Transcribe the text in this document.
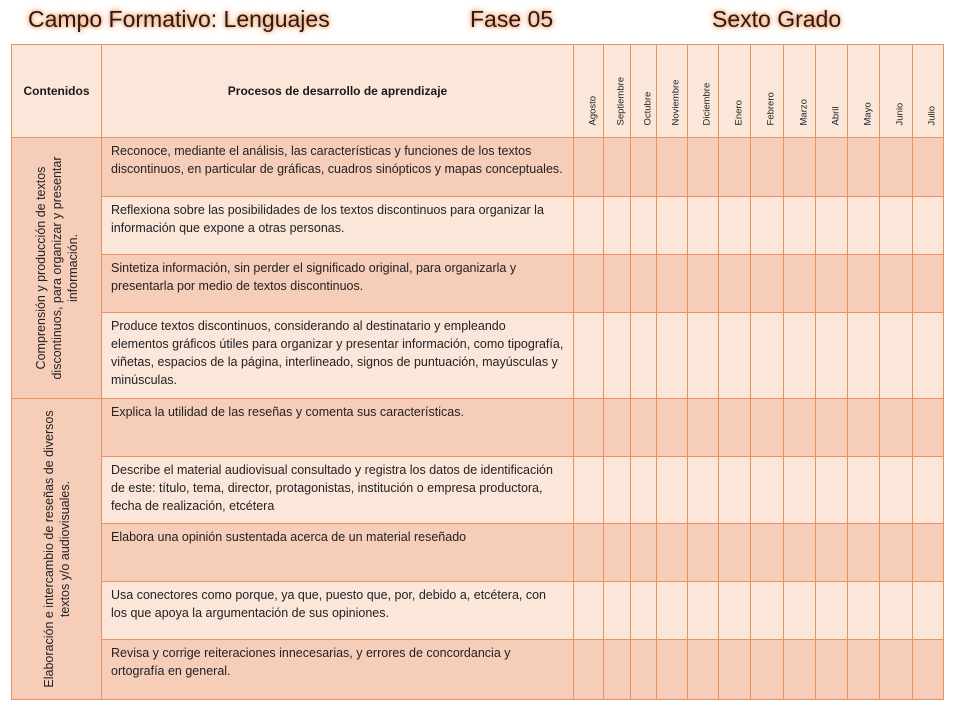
Campo Formativo: Lenguajes	Fase 05	Sexto Grado
Contenidos	Procesos de desarrollo de aprendizaje	Agosto	Septiembre	Octubre	Noviembre	Diciembre	Enero	Febrero	Marzo	Abril	Mayo	Junio	Julio

Comprensión y producción de textos discontinuos, para organizar y presentar información.	Reconoce, mediante el análisis, las características y funciones de los textos discontinuos, en particular de gráficas, cuadros sinópticos y mapas conceptuales.												
	Reflexiona sobre las posibilidades de los textos discontinuos para organizar la información que expone a otras personas.												
	Sintetiza información, sin perder el significado original, para organizarla y presentarla por medio de textos discontinuos.												
	Produce textos discontinuos, considerando al destinatario y empleando elementos gráficos útiles para organizar y presentar información, como tipografía, viñetas, espacios de la página, interlineado, signos de puntuación, mayúsculas y minúsculas.												

Elaboración e intercambio de reseñas de diversos textos y/o audiovisuales.	Explica la utilidad de las reseñas y comenta sus características.												
	Describe el material audiovisual consultado y registra los datos de identificación de este: título, tema, director, protagonistas, institución o empresa productora, fecha de realización, etcétera												
	Elabora una opinión sustentada acerca de un material reseñado												
	Usa conectores como porque, ya que, puesto que, por, debido a, etcétera, con los que apoya la argumentación de sus opiniones.												
	Revisa y corrige reiteraciones innecesarias, y errores de concordancia y ortografía en general.												
